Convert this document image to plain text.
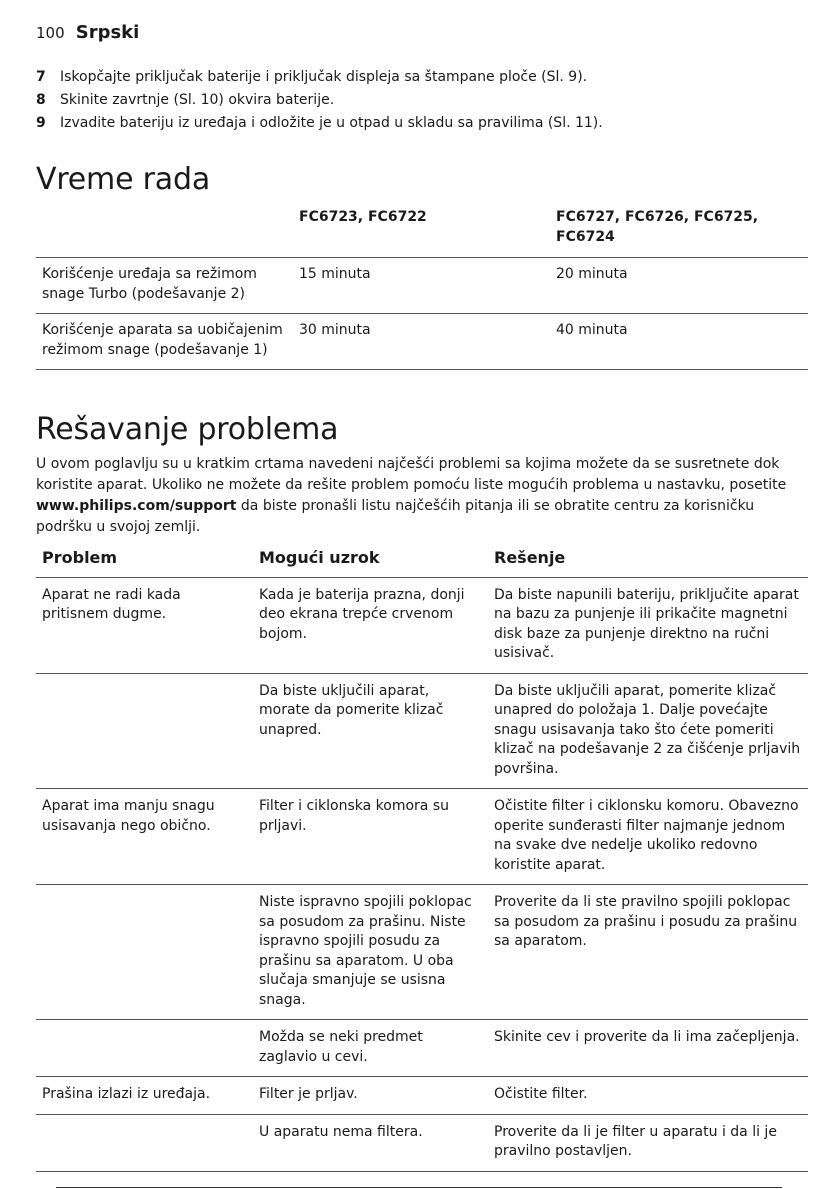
100 Srpski
7	Iskopčajte priključak baterije i priključak displeja sa štampane ploče (Sl. 9).
8	Skinite zavrtnje (Sl. 10) okvira baterije.
9	Izvadite bateriju iz uređaja i odložite je u otpad u skladu sa pravilima (Sl. 11).
Vreme rada
	FC6723, FC6722	FC6727, FC6726, FC6725, FC6724
Korišćenje uređaja sa režimom snage Turbo (podešavanje 2)	15 minuta	20 minuta
Korišćenje aparata sa uobičajenim režimom snage (podešavanje 1)	30 minuta	40 minuta
Rešavanje problema

U ovom poglavlju su u kratkim crtama navedeni najčešći problemi sa kojima možete da se susretnete dok koristite aparat. Ukoliko ne možete da rešite problem pomoću liste mogućih problema u nastavku, posetite www.philips.com/support da biste pronašli listu najčešćih pitanja ili se obratite centru za korisničku podršku u svojoj zemlji.

Problem	Mogući uzrok	Rešenje
Aparat ne radi kada pritisnem dugme.	Kada je baterija prazna, donji deo ekrana trepće crvenom bojom.	Da biste napunili bateriju, priključite aparat na bazu za punjenje ili prikačite magnetni disk baze za punjenje direktno na ručni usisivač.
	Da biste uključili aparat, morate da pomerite klizač unapred.	Da biste uključili aparat, pomerite klizač unapred do položaja 1. Dalje povećajte snagu usisavanja tako što ćete pomeriti klizač na podešavanje 2 za čišćenje prljavih površina.
Aparat ima manju snagu usisavanja nego obično.	Filter i ciklonska komora su prljavi.	Očistite filter i ciklonsku komoru. Obavezno operite sunđerasti filter najmanje jednom na svake dve nedelje ukoliko redovno koristite aparat.
	Niste ispravno spojili poklopac sa posudom za prašinu. Niste ispravno spojili posudu za prašinu sa aparatom. U oba slučaja smanjuje se usisna snaga.	Proverite da li ste pravilno spojili poklopac sa posudom za prašinu i posudu za prašinu sa aparatom.
	Možda se neki predmet zaglavio u cevi.	Skinite cev i proverite da li ima začepljenja.
Prašina izlazi iz uređaja.	Filter je prljav.	Očistite filter.
	U aparatu nema filtera.	Proverite da li je filter u aparatu i da li je pravilno postavljen.
